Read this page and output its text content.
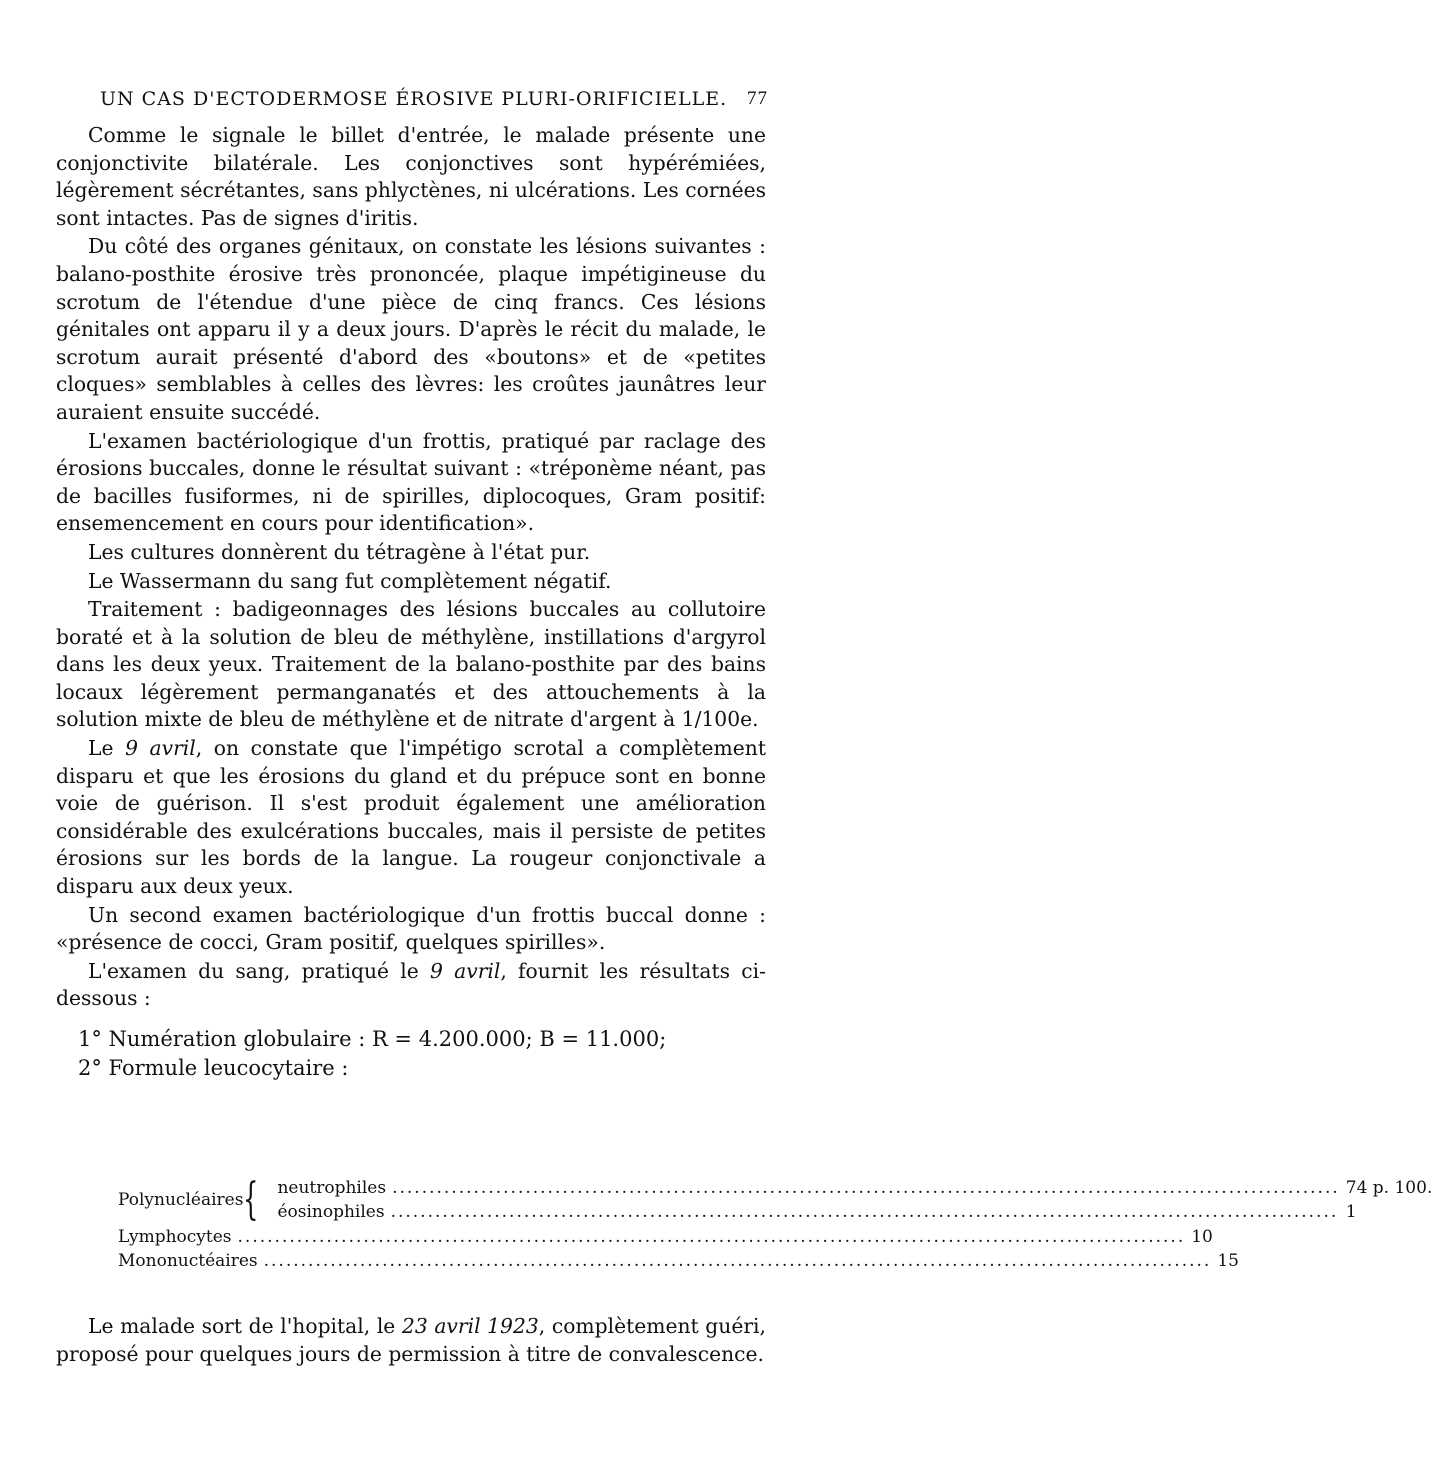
UN CAS D'ECTODERMOSE ÉROSIVE PLURI-ORIFICIELLE. 77

Comme le signale le billet d'entrée, le malade présente une conjonctivite bilatérale. Les conjonctives sont hypérémiées, légèrement sécrétantes, sans phlyctènes, ni ulcérations. Les cornées sont intactes. Pas de signes d'iritis.

Du côté des organes génitaux, on constate les lésions suivantes : balano-posthite érosive très prononcée, plaque impétigineuse du scrotum de l'étendue d'une pièce de cinq francs. Ces lésions génitales ont apparu il y a deux jours. D'après le récit du malade, le scrotum aurait présenté d'abord des «boutons» et de «petites cloques» semblables à celles des lèvres: les croûtes jaunâtres leur auraient ensuite succédé.

L'examen bactériologique d'un frottis, pratiqué par raclage des érosions buccales, donne le résultat suivant : «tréponème néant, pas de bacilles fusiformes, ni de spirilles, diplocoques, Gram positif: ensemencement en cours pour identification».

Les cultures donnèrent du tétragène à l'état pur.

Le Wassermann du sang fut complètement négatif.

Traitement : badigeonnages des lésions buccales au collutoire boraté et à la solution de bleu de méthylène, instillations d'argyrol dans les deux yeux. Traitement de la balano-posthite par des bains locaux légèrement permanganatés et des attouchements à la solution mixte de bleu de méthylène et de nitrate d'argent à 1/100e.

Le 9 avril, on constate que l'impétigo scrotal a complètement disparu et que les érosions du gland et du prépuce sont en bonne voie de guérison. Il s'est produit également une amélioration considérable des exulcérations buccales, mais il persiste de petites érosions sur les bords de la langue. La rougeur conjonctivale a disparu aux deux yeux.

Un second examen bactériologique d'un frottis buccal donne : «présence de cocci, Gram positif, quelques spirilles».

L'examen du sang, pratiqué le 9 avril, fournit les résultats ci-dessous :

1° Numération globulaire : R = 4.200.000; B = 11.000;
2° Formule leucocytaire :
Polynucléaires { neutrophiles .....	74 p. 100.
éosinophiles .....	1
Lymphocytes .....	10
Mononuctéaires .....	15

Le malade sort de l'hopital, le 23 avril 1923, complètement guéri, proposé pour quelques jours de permission à titre de convalescence.
